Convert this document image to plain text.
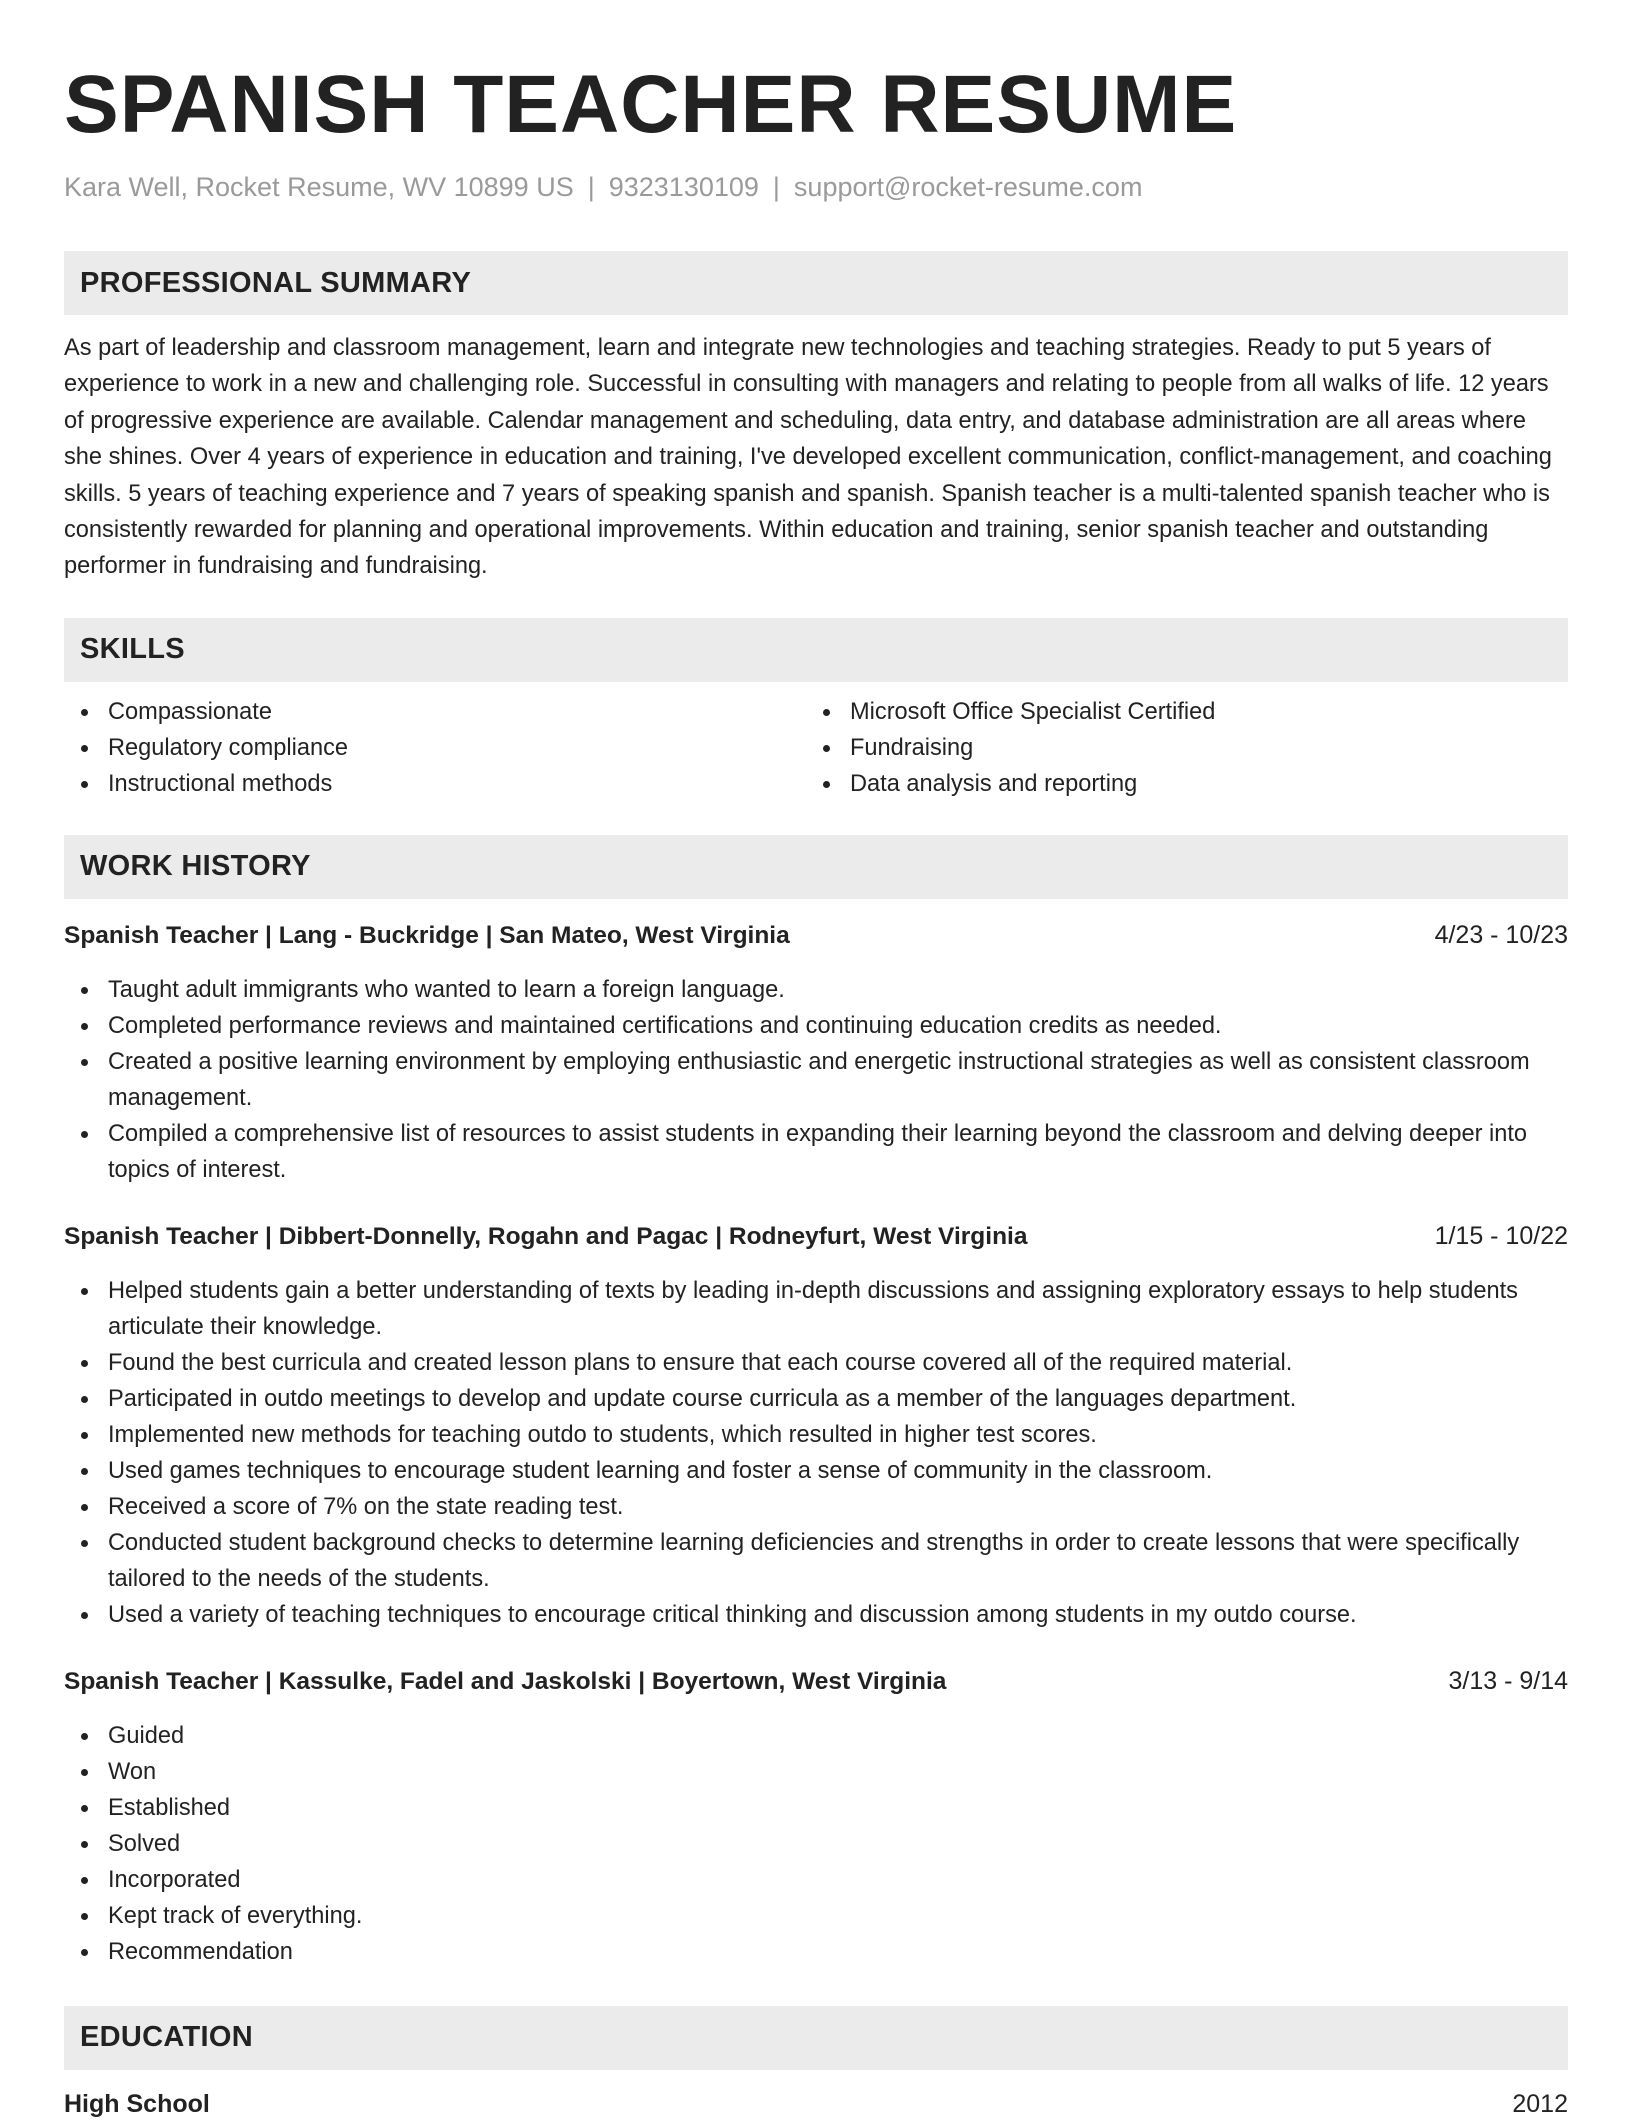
SPANISH TEACHER RESUME
Kara Well, Rocket Resume, WV 10899 US | 9323130109 | support@rocket-resume.com
PROFESSIONAL SUMMARY
As part of leadership and classroom management, learn and integrate new technologies and teaching strategies. Ready to put 5 years of experience to work in a new and challenging role. Successful in consulting with managers and relating to people from all walks of life. 12 years of progressive experience are available. Calendar management and scheduling, data entry, and database administration are all areas where she shines. Over 4 years of experience in education and training, I've developed excellent communication, conflict-management, and coaching skills. 5 years of teaching experience and 7 years of speaking spanish and spanish. Spanish teacher is a multi-talented spanish teacher who is consistently rewarded for planning and operational improvements. Within education and training, senior spanish teacher and outstanding performer in fundraising and fundraising.
SKILLS
Compassionate
Regulatory compliance
Instructional methods
Microsoft Office Specialist Certified
Fundraising
Data analysis and reporting
WORK HISTORY
Spanish Teacher | Lang - Buckridge | San Mateo, West Virginia	4/23 - 10/23
Taught adult immigrants who wanted to learn a foreign language.
Completed performance reviews and maintained certifications and continuing education credits as needed.
Created a positive learning environment by employing enthusiastic and energetic instructional strategies as well as consistent classroom management.
Compiled a comprehensive list of resources to assist students in expanding their learning beyond the classroom and delving deeper into topics of interest.
Spanish Teacher | Dibbert-Donnelly, Rogahn and Pagac | Rodneyfurt, West Virginia	1/15 - 10/22
Helped students gain a better understanding of texts by leading in-depth discussions and assigning exploratory essays to help students articulate their knowledge.
Found the best curricula and created lesson plans to ensure that each course covered all of the required material.
Participated in outdo meetings to develop and update course curricula as a member of the languages department.
Implemented new methods for teaching outdo to students, which resulted in higher test scores.
Used games techniques to encourage student learning and foster a sense of community in the classroom.
Received a score of 7% on the state reading test.
Conducted student background checks to determine learning deficiencies and strengths in order to create lessons that were specifically tailored to the needs of the students.
Used a variety of teaching techniques to encourage critical thinking and discussion among students in my outdo course.
Spanish Teacher | Kassulke, Fadel and Jaskolski | Boyertown, West Virginia	3/13 - 9/14
Guided
Won
Established
Solved
Incorporated
Kept track of everything.
Recommendation
EDUCATION
High School	2012
